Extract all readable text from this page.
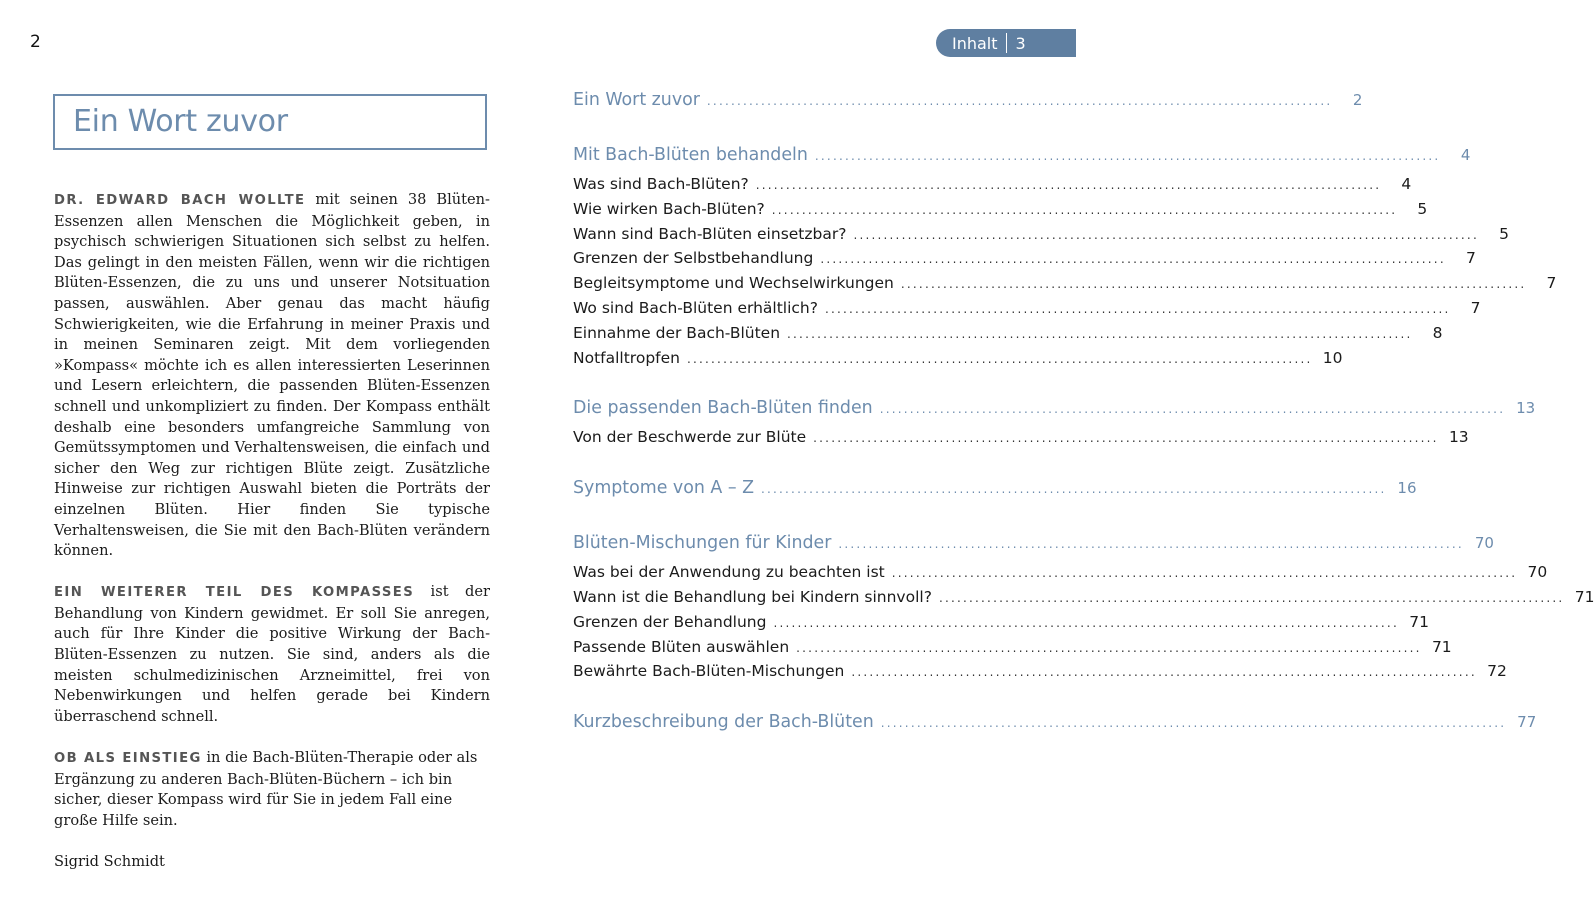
2	Inhalt 3
Ein Wort zuvor

DR. EDWARD BACH WOLLTE mit seinen 38 Blüten-Essenzen allen Menschen die Möglichkeit geben, in psychisch schwierigen Situationen sich selbst zu helfen. Das gelingt in den meisten Fällen, wenn wir die richtigen Blüten-Essenzen, die zu uns und unserer Notsituation passen, auswählen. Aber genau das macht häufig Schwierigkeiten, wie die Erfahrung in meiner Praxis und in meinen Seminaren zeigt. Mit dem vorliegenden »Kompass« möchte ich es allen interessierten Leserinnen und Lesern erleichtern, die passenden Blüten-Essenzen schnell und unkompliziert zu finden. Der Kompass enthält deshalb eine besonders umfangreiche Sammlung von Gemütssymptomen und Verhaltensweisen, die einfach und sicher den Weg zur richtigen Blüte zeigt. Zusätzliche Hinweise zur richtigen Auswahl bieten die Porträts der einzelnen Blüten. Hier finden Sie typische Verhaltensweisen, die Sie mit den Bach-Blüten verändern können.

EIN WEITERER TEIL DES KOMPASSES ist der Behandlung von Kindern gewidmet. Er soll Sie anregen, auch für Ihre Kinder die positive Wirkung der Bach-Blüten-Essenzen zu nutzen. Sie sind, anders als die meisten schulmedizinischen Arzneimittel, frei von Nebenwirkungen und helfen gerade bei Kindern überraschend schnell.

OB ALS EINSTIEG in die Bach-Blüten-Therapie oder als Ergänzung zu anderen Bach-Blüten-Büchern – ich bin sicher, dieser Kompass wird für Sie in jedem Fall eine große Hilfe sein.

Sigrid Schmidt

Ein Wort zuvor ........................................................................................................	2
Mit Bach-Blüten behandeln ........................................................................................................	4
Was sind Bach-Blüten? ........................................................................................................	4
Wie wirken Bach-Blüten? ........................................................................................................	5
Wann sind Bach-Blüten einsetzbar? ........................................................................................................	5
Grenzen der Selbstbehandlung ........................................................................................................	7
Begleitsymptome und Wechselwirkungen ........................................................................................................	7
Wo sind Bach-Blüten erhältlich? ........................................................................................................	7
Einnahme der Bach-Blüten ........................................................................................................	8
Notfalltropfen ........................................................................................................ 10
Die passenden Bach-Blüten finden ........................................................................................................ 13
Von der Beschwerde zur Blüte ........................................................................................................ 13
Symptome von A – Z ........................................................................................................ 16
Blüten-Mischungen für Kinder ........................................................................................................ 70
Was bei der Anwendung zu beachten ist ........................................................................................................ 70
Wann ist die Behandlung bei Kindern sinnvoll? ........................................................................................................ 71
Grenzen der Behandlung ........................................................................................................ 71
Passende Blüten auswählen ........................................................................................................ 71
Bewährte Bach-Blüten-Mischungen ........................................................................................................ 72
Kurzbeschreibung der Bach-Blüten ........................................................................................................ 77
